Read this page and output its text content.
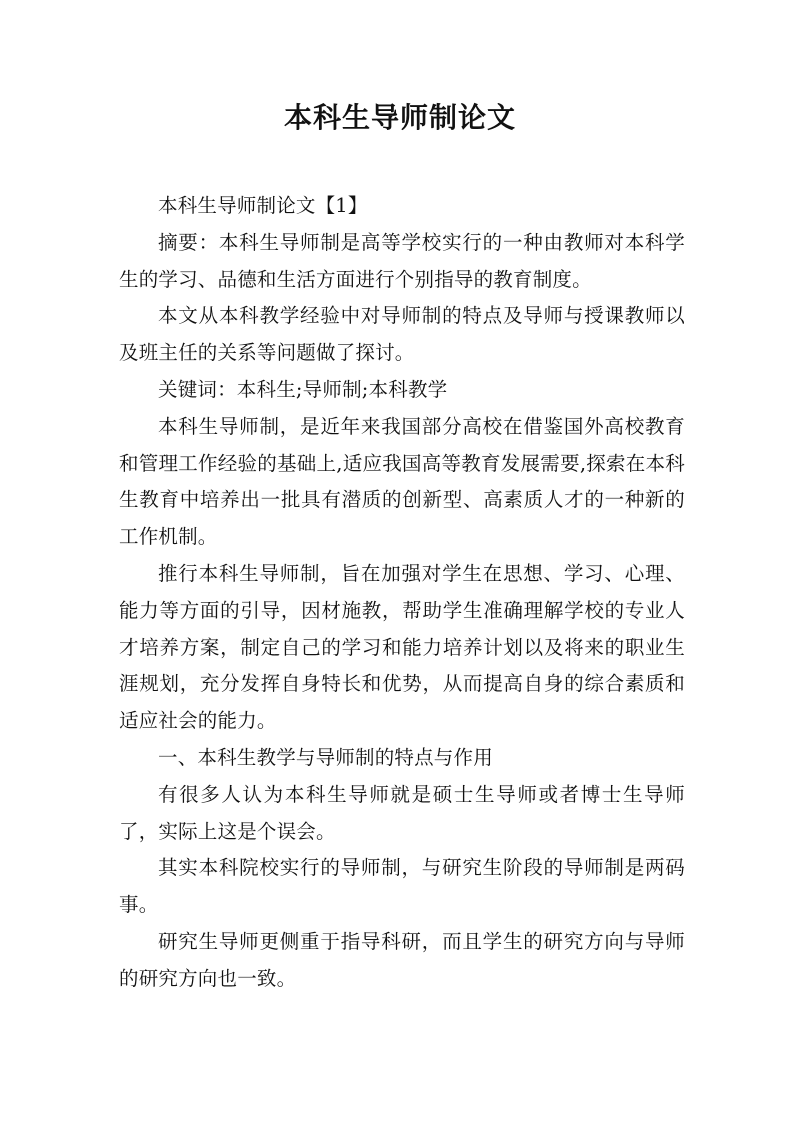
本科生导师制论文

本科生导师制论文【1】

摘要：本科生导师制是高等学校实行的一种由教师对本科学生的学习、品德和生活方面进行个别指导的教育制度。

本文从本科教学经验中对导师制的特点及导师与授课教师以及班主任的关系等问题做了探讨。

关键词：本科生;导师制;本科教学

本科生导师制，是近年来我国部分高校在借鉴国外高校教育和管理工作经验的基础上,适应我国高等教育发展需要,探索在本科生教育中培养出一批具有潜质的创新型、高素质人才的一种新的工作机制。

推行本科生导师制，旨在加强对学生在思想、学习、心理、能力等方面的引导，因材施教，帮助学生准确理解学校的专业人才培养方案，制定自己的学习和能力培养计划以及将来的职业生涯规划，充分发挥自身特长和优势，从而提高自身的综合素质和适应社会的能力。

一、本科生教学与导师制的特点与作用

有很多人认为本科生导师就是硕士生导师或者博士生导师了，实际上这是个误会。

其实本科院校实行的导师制，与研究生阶段的导师制是两码事。

研究生导师更侧重于指导科研，而且学生的研究方向与导师的研究方向也一致。
